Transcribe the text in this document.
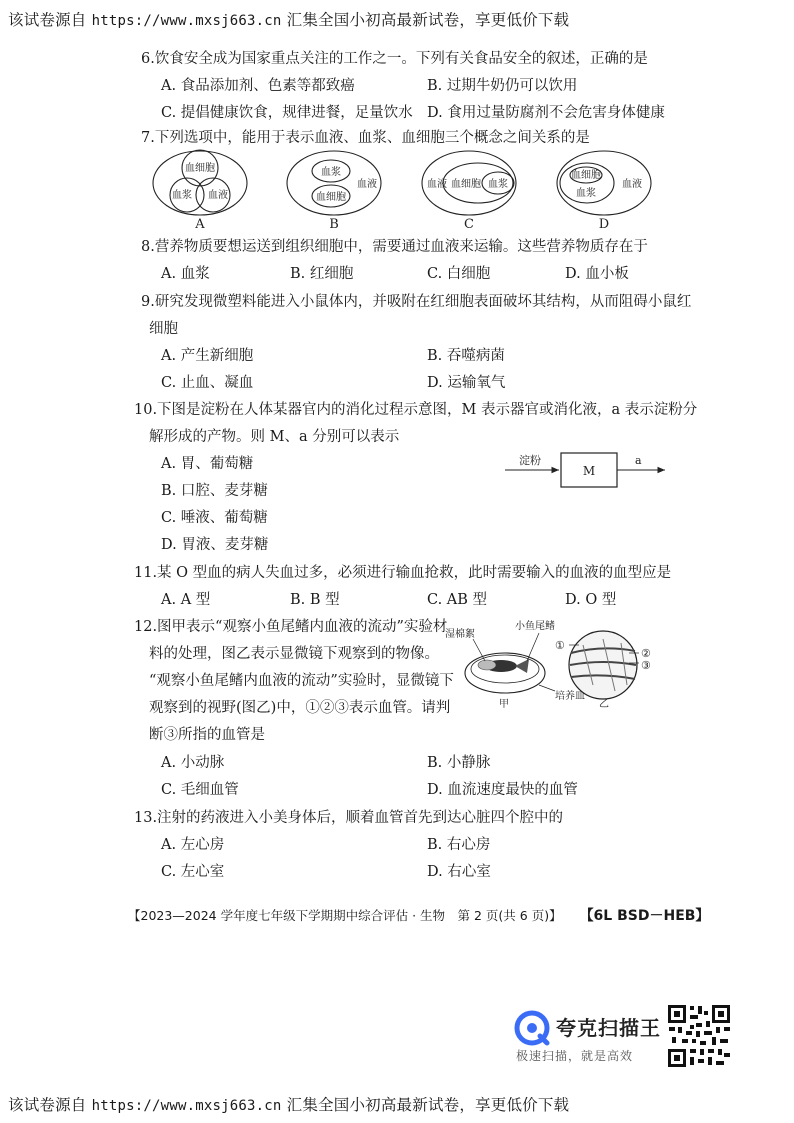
该试卷源自 https://www.mxsj663.cn 汇集全国小初高最新试卷，享更低价下载
6.饮食安全成为国家重点关注的工作之一。下列有关食品安全的叙述，正确的是
A. 食品添加剂、色素等都致癌	B. 过期牛奶仍可以饮用
C. 提倡健康饮食，规律进餐，足量饮水 D. 食用过量防腐剂不会危害身体健康
7.下列选项中，能用于表示血液、血浆、血细胞三个概念之间关系的是
血细胞
血浆 血液
血浆
血细胞
血液	血液 血细胞 血浆
血细胞
血浆
血液
A	B	C	D
8.营养物质要想运送到组织细胞中，需要通过血液来运输。这些营养物质存在于
A. 血浆	B. 红细胞	C. 白细胞	D. 血小板
9.研究发现微塑料能进入小鼠体内，并吸附在红细胞表面破坏其结构，从而阻碍小鼠红
细胞
A. 产生新细胞	B. 吞噬病菌
C. 止血、凝血	D. 运输氧气
10.下图是淀粉在人体某器官内的消化过程示意图，M 表示器官或消化液，a 表示淀粉分
解形成的产物。则 M、a 分别可以表示
A. 胃、葡萄糖
B. 口腔、麦芽糖
C. 唾液、葡萄糖
D. 胃液、麦芽糖
淀粉
M
a
11.某 O 型血的病人失血过多，必须进行输血抢救，此时需要输入的血液的血型应是
A. A 型	B. B 型	C. AB 型	D. O 型
12.图甲表示“观察小鱼尾鳍内血液的流动”实验材
料的处理，图乙表示显微镜下观察到的物像。
“观察小鱼尾鳍内血液的流动”实验时，显微镜下
观察到的视野(图乙)中，①②③表示血管。请判
断③所指的血管是
湿棉絮
小鱼尾鳍
培养皿
甲
①
②
③
乙
A. 小动脉	B. 小静脉
C. 毛细血管	D. 血流速度最快的血管
13.注射的药液进入小美身体后，顺着血管首先到达心脏四个腔中的
A. 左心房	B. 右心房
C. 左心室	D. 右心室
【2023—2024 学年度七年级下学期期中综合评估 · 生物　第 2 页(共 6 页)】 【6L BSD－HEB】
夸克扫描王
极速扫描，就是高效
该试卷源自 https://www.mxsj663.cn 汇集全国小初高最新试卷，享更低价下载
